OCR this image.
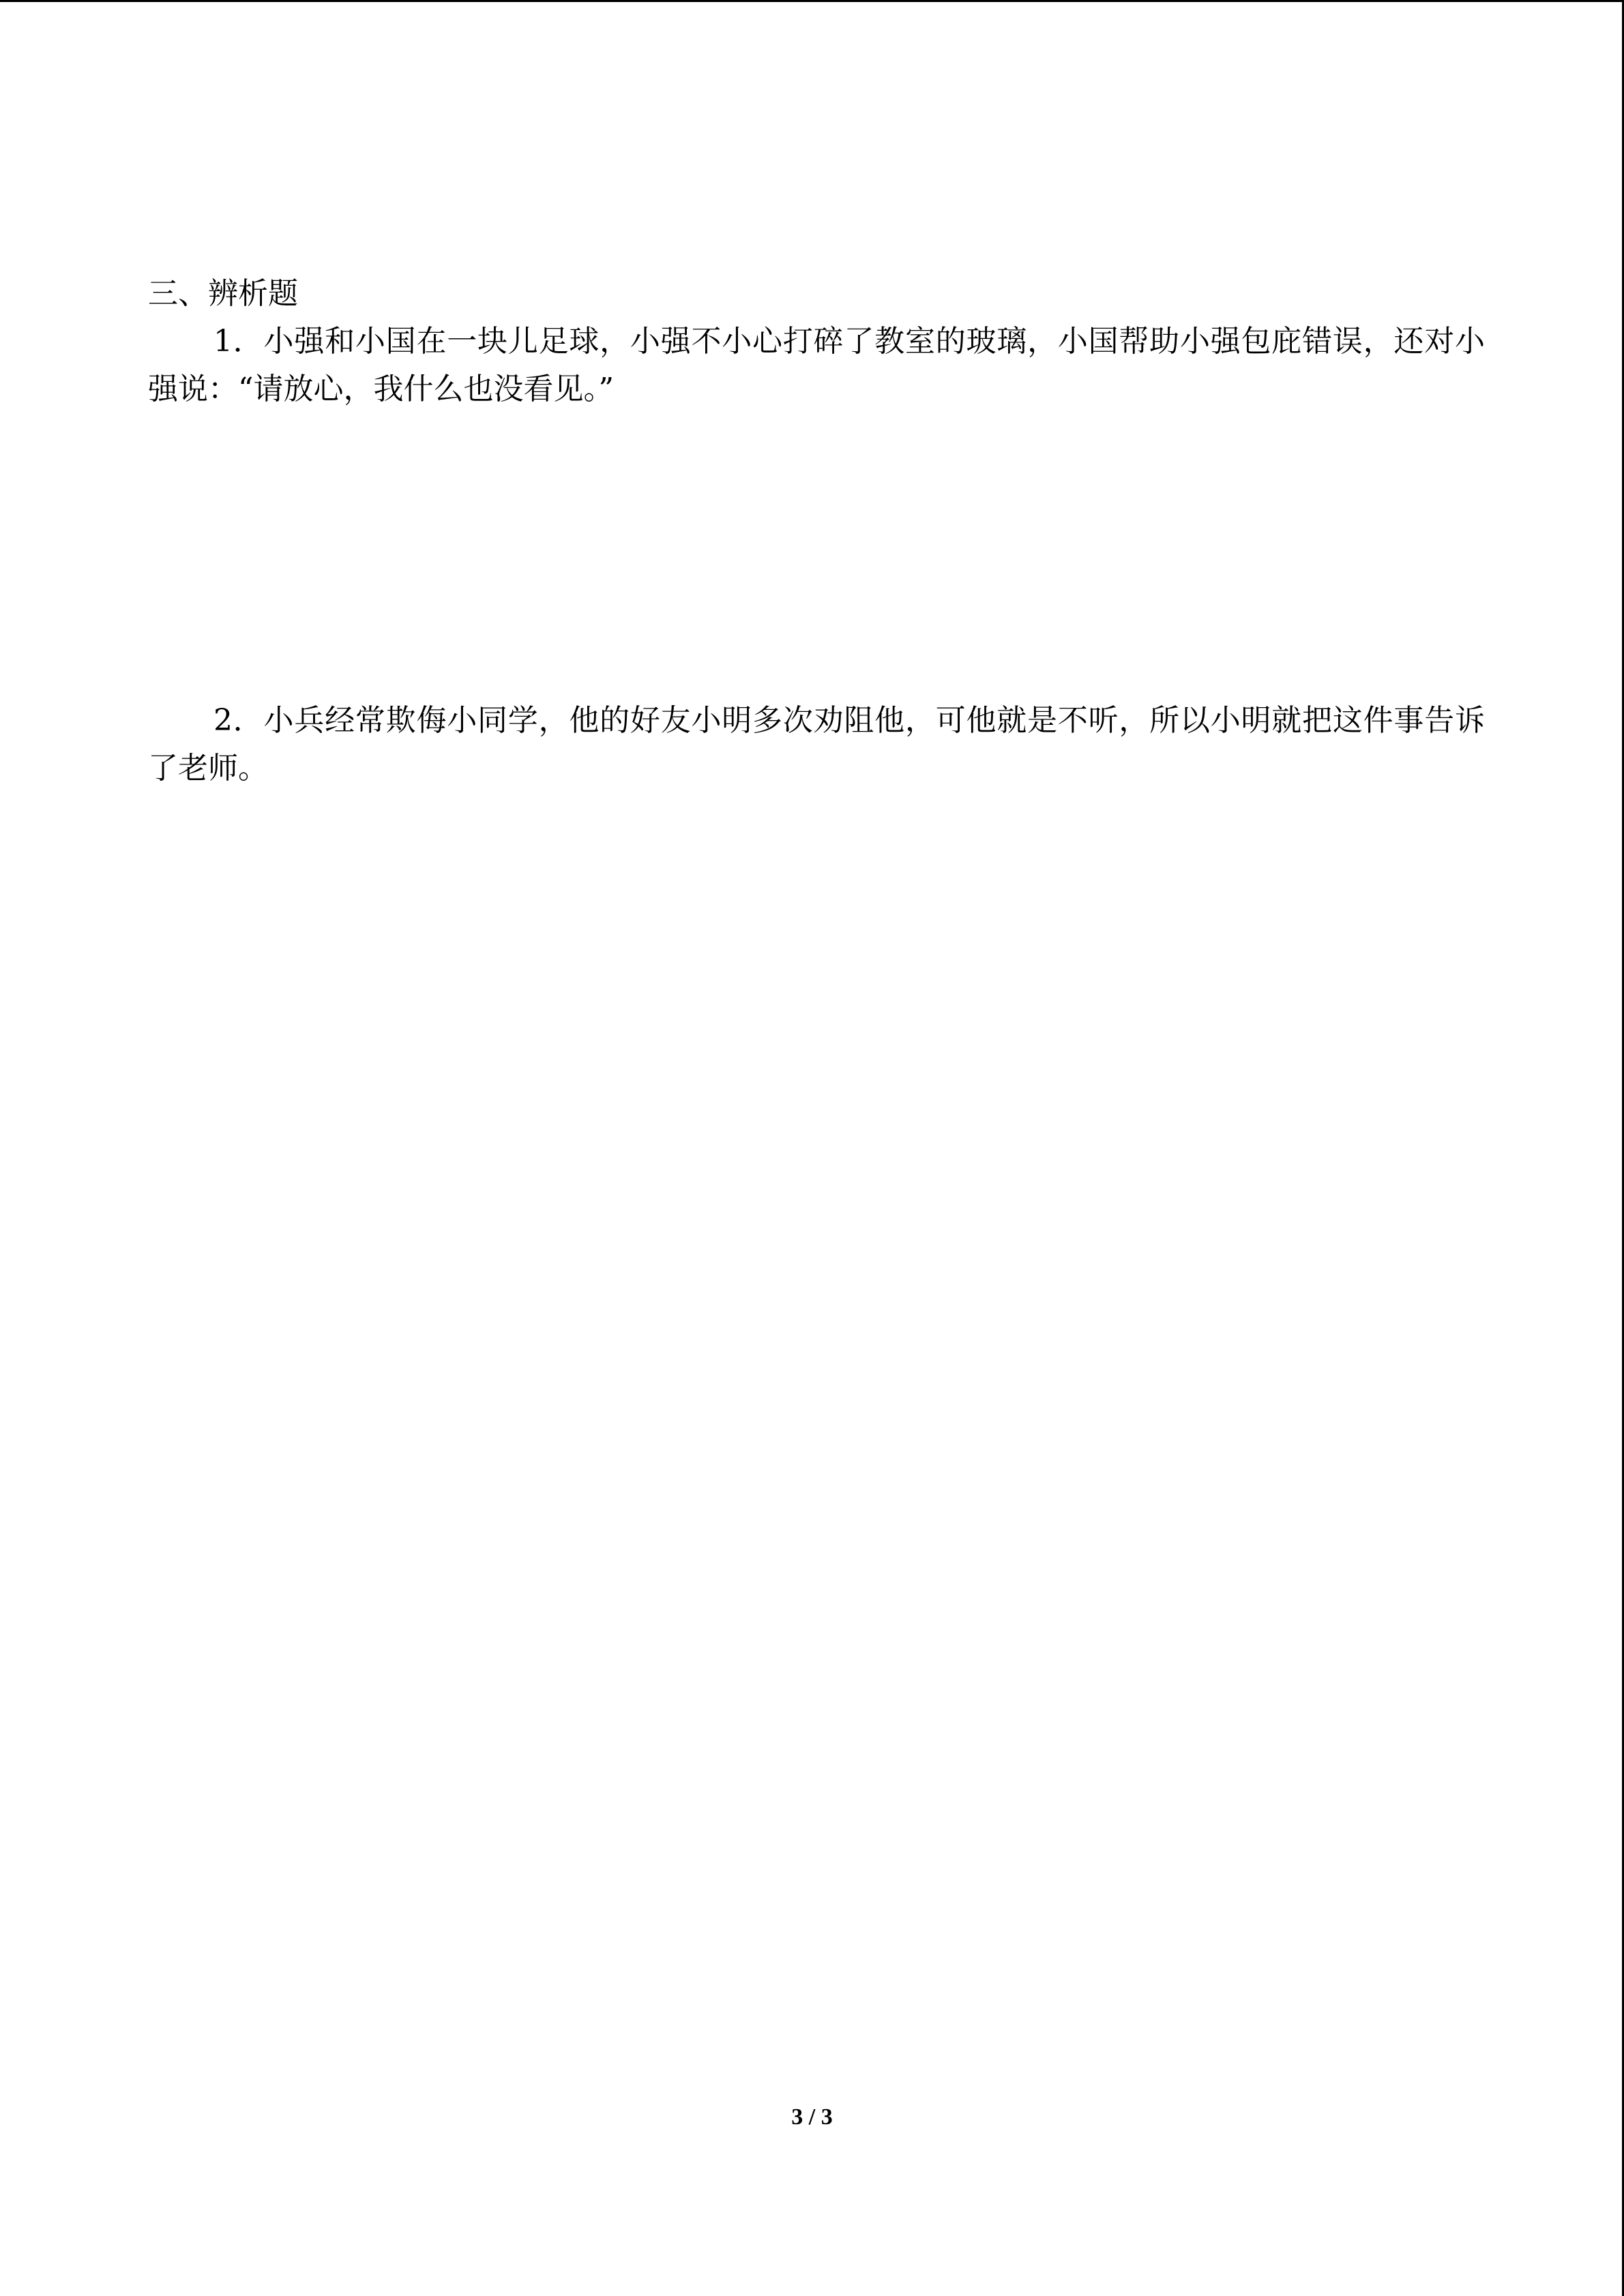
三、辨析题

1．小强和小国在一块儿足球，小强不小心打碎了教室的玻璃，小国帮助小强包庇错误，还对小强说：“请放心，我什么也没看见。”

2．小兵经常欺侮小同学，他的好友小明多次劝阻他，可他就是不听，所以小明就把这件事告诉了老师。

3 / 3
